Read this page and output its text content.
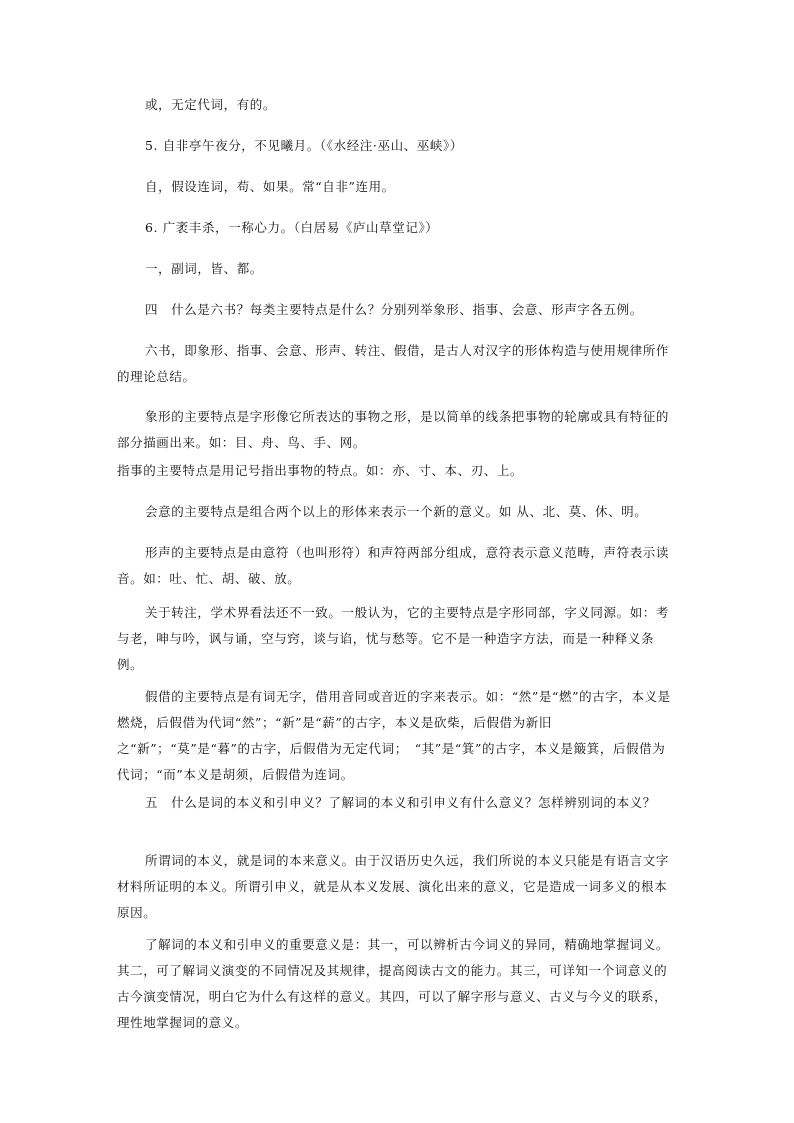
或，无定代词，有的。

5. 自非亭午夜分，不见曦月。（《水经注·巫山、巫峡》）

自，假设连词，苟、如果。常“自非”连用。

6. 广袤丰杀，一称心力。（白居易《庐山草堂记》）

一，副词，皆、都。

四　什么是六书？每类主要特点是什么？分别列举象形、指事、会意、形声字各五例。

六书，即象形、指事、会意、形声、转注、假借，是古人对汉字的形体构造与使用规律所作的理论总结。

象形的主要特点是字形像它所表达的事物之形，是以简单的线条把事物的轮廓或具有特征的部分描画出来。如：目、舟、鸟、手、网。

指事的主要特点是用记号指出事物的特点。如：亦、寸、本、刃、上。

会意的主要特点是组合两个以上的形体来表示一个新的意义。如 从、北、莫、休、明。

形声的主要特点是由意符（也叫形符）和声符两部分组成，意符表示意义范畴，声符表示读音。如：吐、忙、胡、破、放。

关于转注，学术界看法还不一致。一般认为，它的主要特点是字形同部，字义同源。如：考与老，呻与吟，讽与诵，空与窍，谈与谄，忧与愁等。它不是一种造字方法，而是一种释义条例。

假借的主要特点是有词无字，借用音同或音近的字来表示。如：“然”是“燃”的古字，本义是燃烧，后假借为代词“然”；“新”是“薪”的古字，本义是砍柴，后假借为新旧之“新”；“莫”是“暮”的古字，后假借为无定代词；　“其”是“箕”的古字，本义是簸箕，后假借为代词；“而”本义是胡须，后假借为连词。

五　什么是词的本义和引申义？了解词的本义和引申义有什么意义？怎样辨别词的本义？

所谓词的本义，就是词的本来意义。由于汉语历史久远，我们所说的本义只能是有语言文字材料所证明的本义。所谓引申义，就是从本义发展、演化出来的意义，它是造成一词多义的根本原因。

了解词的本义和引申义的重要意义是：其一，可以辨析古今词义的异同，精确地掌握词义。其二，可了解词义演变的不同情况及其规律，提高阅读古文的能力。其三，可详知一个词意义的古今演变情况，明白它为什么有这样的意义。其四，可以了解字形与意义、古义与今义的联系，理性地掌握词的意义。
